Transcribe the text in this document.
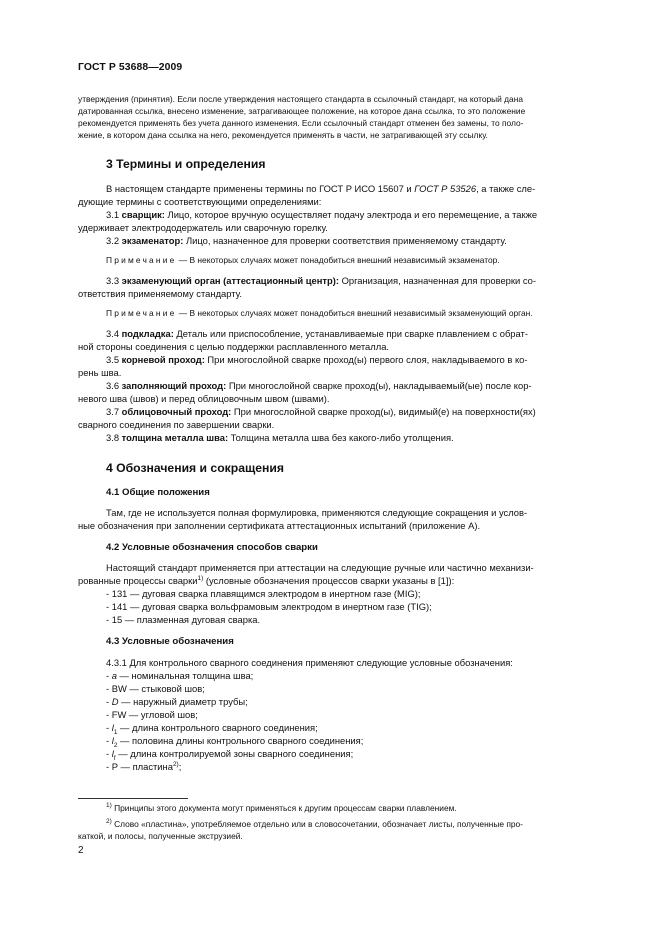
ГОСТ Р 53688—2009
утверждения (принятия). Если после утверждения настоящего стандарта в ссылочный стандарт, на который дана
датированная ссылка, внесено изменение, затрагивающее положение, на которое дана ссылка, то это положение
рекомендуется применять без учета данного изменения. Если ссылочный стандарт отменен без замены, то поло-
жение, в котором дана ссылка на него, рекомендуется применять в части, не затрагивающей эту ссылку.
3 Термины и определения
В настоящем стандарте применены термины по ГОСТ Р ИСО 15607 и ГОСТ Р 53526, а также сле-
дующие термины с соответствующими определениями:
3.1 сварщик: Лицо, которое вручную осуществляет подачу электрода и его перемещение, а также
удерживает электрододержатель или сварочную горелку.
3.2 экзаменатор: Лицо, назначенное для проверки соответствия применяемому стандарту.
Примечание — В некоторых случаях может понадобиться внешний независимый экзаменатор.
3.3 экзаменующий орган (аттестационный центр): Организация, назначенная для проверки со-
ответствия применяемому стандарту.
Примечание — В некоторых случаях может понадобиться внешний независимый экзаменующий орган.
3.4 подкладка: Деталь или приспособление, устанавливаемые при сварке плавлением с обрат-
ной стороны соединения с целью поддержки расплавленного металла.
3.5 корневой проход: При многослойной сварке проход(ы) первого слоя, накладываемого в ко-
рень шва.
3.6 заполняющий проход: При многослойной сварке проход(ы), накладываемый(ые) после кор-
невого шва (швов) и перед облицовочным швом (швами).
3.7 облицовочный проход: При многослойной сварке проход(ы), видимый(е) на поверхности(ях)
сварного соединения по завершении сварки.
3.8 толщина металла шва: Толщина металла шва без какого-либо утолщения.
4 Обозначения и сокращения
4.1 Общие положения
Там, где не используется полная формулировка, применяются следующие сокращения и услов-
ные обозначения при заполнении сертификата аттестационных испытаний (приложение А).
4.2 Условные обозначения способов сварки
Настоящий стандарт применяется при аттестации на следующие ручные или частично механизи-
рованные процессы сварки$^{1)}$ (условные обозначения процессов сварки указаны в [1]):
- 131 — дуговая сварка плавящимся электродом в инертном газе (MIG);
- 141 — дуговая сварка вольфрамовым электродом в инертном газе (TIG);
- 15 — плазменная дуговая сварка.
4.3 Условные обозначения
4.3.1 Для контрольного сварного соединения применяют следующие условные обозначения:
- a — номинальная толщина шва;
- BW — стыковой шов;
- D — наружный диаметр трубы;
- FW — угловой шов;
- $l_1$ — длина контрольного сварного соединения;
- $l_2$ — половина длины контрольного сварного соединения;
- $l_f$ — длина контролируемой зоны сварного соединения;
- Р — пластина$^{2)}$;
$^{1)}$ Принципы этого документа могут применяться к другим процессам сварки плавлением.
$^{2)}$ Слово «пластина», употребляемое отдельно или в словосочетании, обозначает листы, полученные про-
каткой, и полосы, полученные экструзией.
2
